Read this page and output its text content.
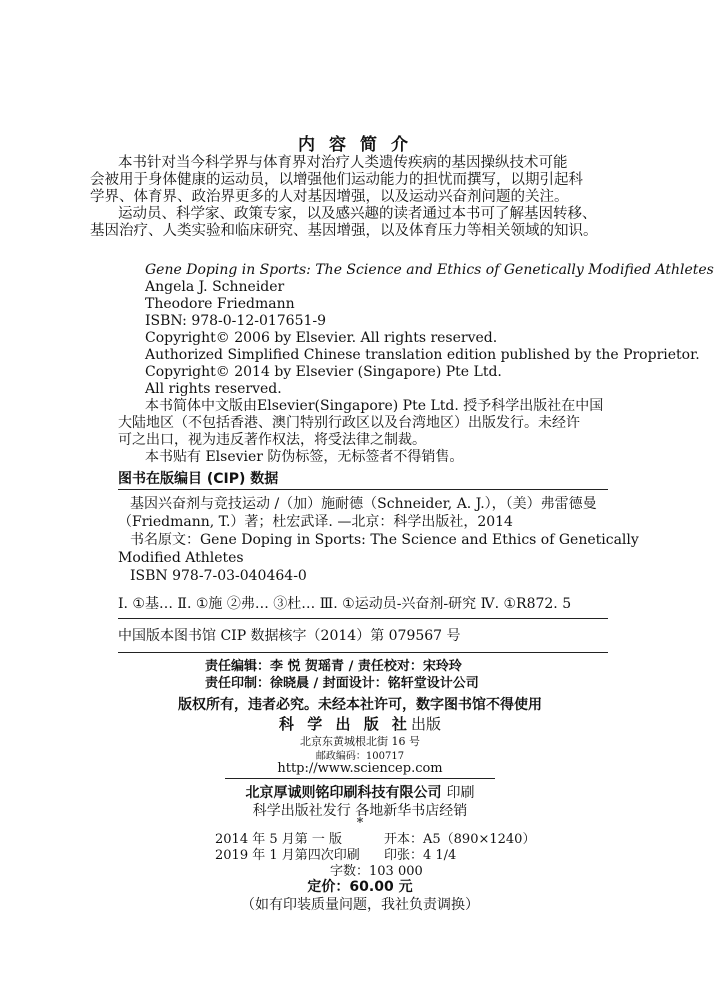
内容简介
本书针对当今科学界与体育界对治疗人类遗传疾病的基因操纵技术可能
会被用于身体健康的运动员，以增强他们运动能力的担忧而撰写，以期引起科
学界、体育界、政治界更多的人对基因增强，以及运动兴奋剂问题的关注。
运动员、科学家、政策专家，以及感兴趣的读者通过本书可了解基因转移、
基因治疗、人类实验和临床研究、基因增强，以及体育压力等相关领域的知识。
Gene Doping in Sports: The Science and Ethics of Genetically Modified Athletes
Angela J. Schneider
Theodore Friedmann
ISBN: 978-0-12-017651-9
Copyright© 2006 by Elsevier. All rights reserved.
Authorized Simplified Chinese translation edition published by the Proprietor.
Copyright© 2014 by Elsevier (Singapore) Pte Ltd.
All rights reserved.
本书简体中文版由Elsevier(Singapore) Pte Ltd. 授予科学出版社在中国
大陆地区（不包括香港、澳门特别行政区以及台湾地区）出版发行。未经许
可之出口，视为违反著作权法，将受法律之制裁。
本书贴有 Elsevier 防伪标签，无标签者不得销售。
图书在版编目 (CIP) 数据
基因兴奋剂与竞技运动 /（加）施耐德（Schneider, A. J.），（美）弗雷德曼
（Friedmann, T.）著；杜宏武译. —北京：科学出版社，2014
书名原文：Gene Doping in Sports: The Science and Ethics of Genetically
Modified Athletes
ISBN 978-7-03-040464-0
Ⅰ. ①基… Ⅱ. ①施 ②弗… ③杜… Ⅲ. ①运动员-兴奋剂-研究 Ⅳ. ①R872. 5
中国版本图书馆 CIP 数据核字（2014）第 079567 号
责任编辑：李 悦 贺瑶青 / 责任校对：宋玲玲
责任印制：徐晓晨 / 封面设计：铭轩堂设计公司
版权所有，违者必究。未经本社许可，数字图书馆不得使用
科 学 出 版 社出版
北京东黄城根北街 16 号
邮政编码：100717
http://www.sciencep.com
北京厚诚则铭印刷科技有限公司 印刷
科学出版社发行 各地新华书店经销
*
2014 年 5 月第 一 版	开本：A5（890×1240）
2019 年 1 月第四次印刷 印张：4 1/4
字数：103 000
定价：60.00 元
（如有印装质量问题，我社负责调换）
